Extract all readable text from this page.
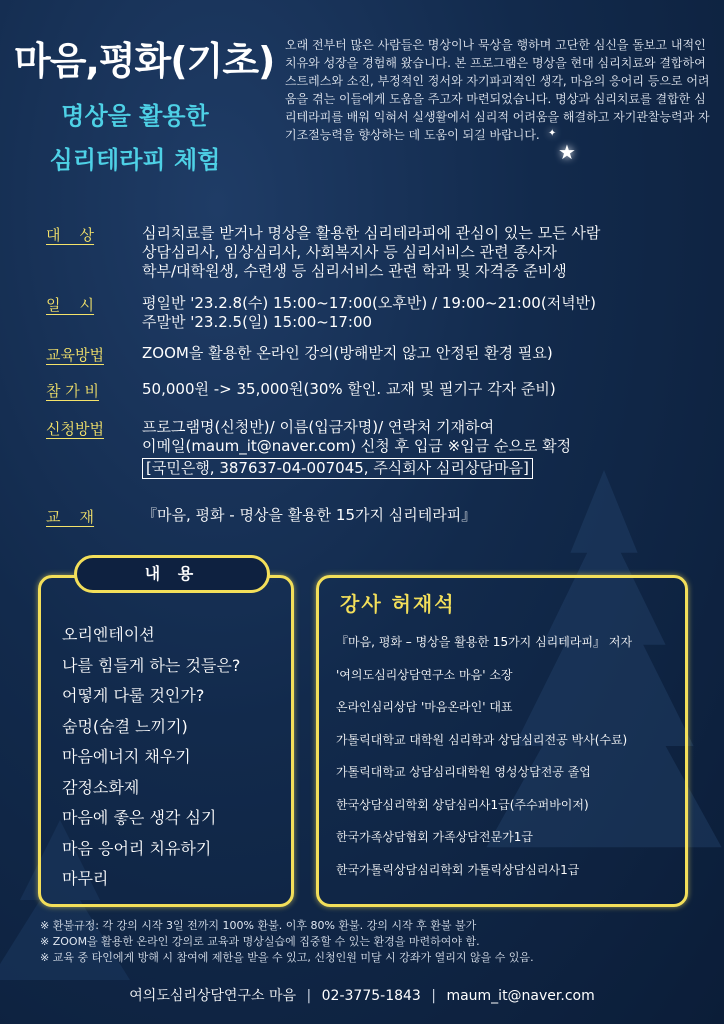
★
✦
마음,평화(기초)
명상을 활용한
심리테라피 체험
오래 전부터 많은 사람들은 명상이나 묵상을 행하며 고단한 심신을 돌보고 내적인 치유와 성장을 경험해 왔습니다. 본 프로그램은 명상을 현대 심리치료와 결합하여 스트레스와 소진, 부정적인 정서와 자기파괴적인 생각, 마음의 응어리 등으로 어려움을 겪는 이들에게 도움을 주고자 마련되었습니다. 명상과 심리치료를 결합한 심리테라피를 배워 익혀서 실생활에서 심리적 어려움을 해결하고 자기관찰능력과 자기조절능력을 향상하는 데 도움이 되길 바랍니다.
대    상	심리치료를 받거나 명상을 활용한 심리테라피에 관심이 있는 모든 사람
상담심리사, 임상심리사, 사회복지사 등 심리서비스 관련 종사자
학부/대학원생, 수련생 등 심리서비스 관련 학과 및 자격증 준비생
일    시	평일반 '23.2.8(수) 15:00~17:00(오후반) / 19:00~21:00(저녁반)
주말반 '23.2.5(일) 15:00~17:00
교육방법	ZOOM을 활용한 온라인 강의(방해받지 않고 안정된 환경 필요)
참 가 비	50,000원 -> 35,000원(30% 할인. 교재 및 필기구 각자 준비)
신청방법	프로그램명(신청반)/ 이름(입금자명)/ 연락처 기재하여
이메일(maum_it@naver.com) 신청 후 입금 ※입금 순으로 확정
[국민은행, 387637-04-007045, 주식회사 심리상담마음]
교    재	『마음, 평화 - 명상을 활용한 15가지 심리테라피』
내 용
오리엔테이션
나를 힘들게 하는 것들은?
어떻게 다룰 것인가?
숨멍(숨결 느끼기)
마음에너지 채우기
감정소화제
마음에 좋은 생각 심기
마음 응어리 치유하기
마무리
강사 허재석
『마음, 평화 – 명상을 활용한 15가지 심리테라피』 저자
'여의도심리상담연구소 마음' 소장
온라인심리상담 '마음온라인' 대표
가톨릭대학교 대학원 심리학과 상담심리전공 박사(수료)
가톨릭대학교 상담심리대학원 영성상담전공 졸업
한국상담심리학회 상담심리사1급(주수퍼바이저)
한국가족상담협회 가족상담전문가1급
한국가톨릭상담심리학회 가톨릭상담심리사1급
※ 환불규정: 각 강의 시작 3일 전까지 100% 환불. 이후 80% 환불. 강의 시작 후 환불 불가
※ ZOOM을 활용한 온라인 강의로 교육과 명상실습에 집중할 수 있는 환경을 마련하여야 함.
※ 교육 중 타인에게 방해 시 참여에 제한을 받을 수 있고, 신청인원 미달 시 강좌가 열리지 않을 수 있음.
여의도심리상담연구소 마음 | 02-3775-1843 | maum_it@naver.com
